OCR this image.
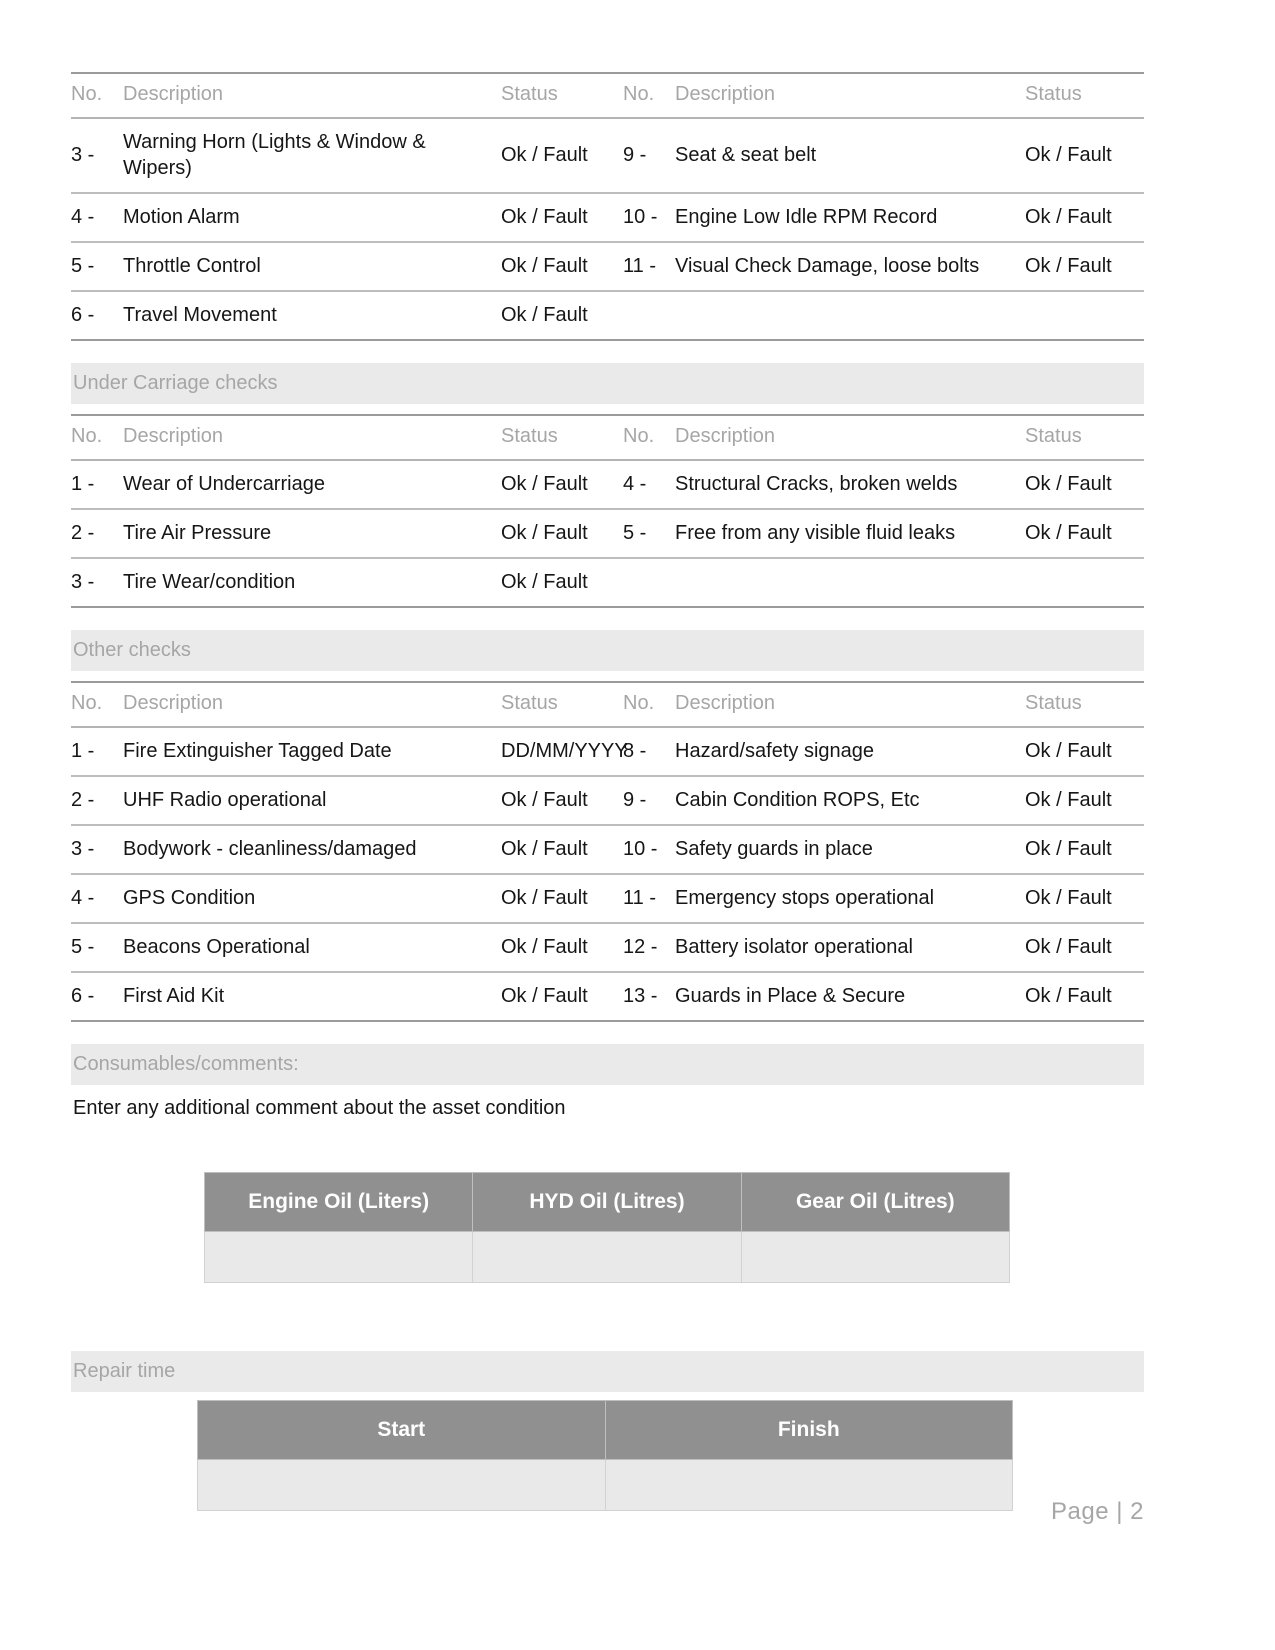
No.	Description	Status	No.	Description	Status
3 -	Warning Horn (Lights & Window & Wipers)	Ok / Fault	9 -	Seat & seat belt	Ok / Fault
4 -	Motion Alarm	Ok / Fault	10 -	Engine Low Idle RPM Record	Ok / Fault
5 -	Throttle Control	Ok / Fault	11 -	Visual Check Damage, loose bolts	Ok / Fault
6 -	Travel Movement	Ok / Fault			
Under Carriage checks
No.	Description	Status	No.	Description	Status
1 -	Wear of Undercarriage	Ok / Fault	4 -	Structural Cracks, broken welds	Ok / Fault
2 -	Tire Air Pressure	Ok / Fault	5 -	Free from any visible fluid leaks	Ok / Fault
3 -	Tire Wear/condition	Ok / Fault			
Other checks
No.	Description	Status	No.	Description	Status
1 -	Fire Extinguisher Tagged Date	DD/MM/YYYY	8 -	Hazard/safety signage	Ok / Fault
2 -	UHF Radio operational	Ok / Fault	9 -	Cabin Condition ROPS, Etc	Ok / Fault
3 -	Bodywork - cleanliness/damaged	Ok / Fault	10 -	Safety guards in place	Ok / Fault
4 -	GPS Condition	Ok / Fault	11 -	Emergency stops operational	Ok / Fault
5 -	Beacons Operational	Ok / Fault	12 -	Battery isolator operational	Ok / Fault
6 -	First Aid Kit	Ok / Fault	13 -	Guards in Place & Secure	Ok / Fault
Consumables/comments:
Enter any additional comment about the asset condition
Engine Oil (Liters)	HYD Oil (Litres)	Gear Oil (Litres)

Repair time
Start	Finish

Page | 2
